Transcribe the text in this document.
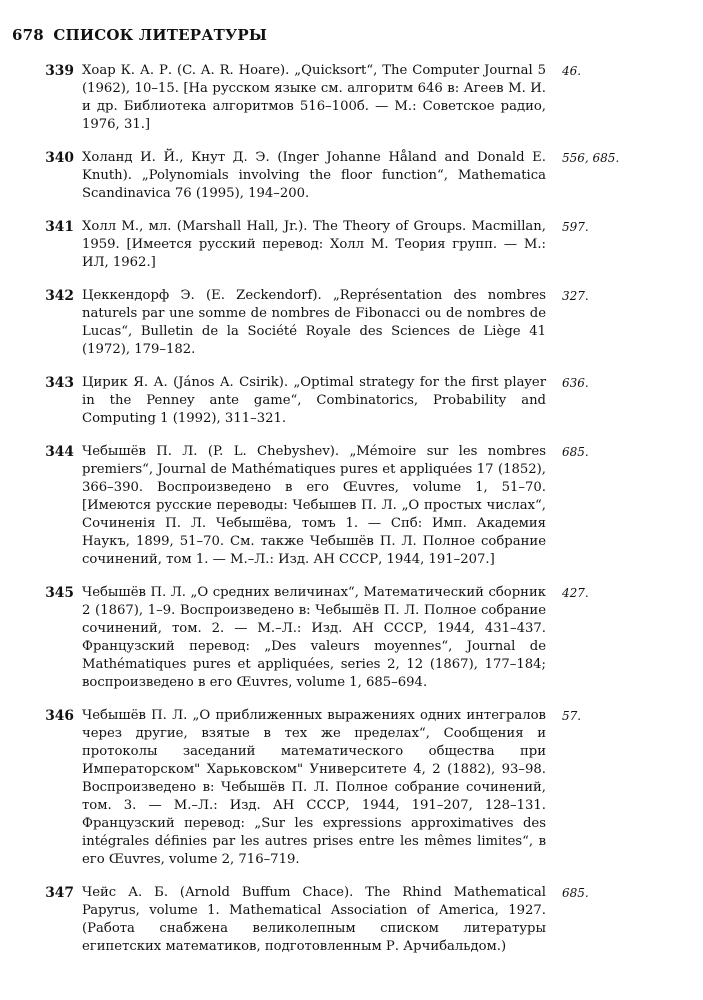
678 СПИСОК ЛИТЕРАТУРЫ
339 Хоар К. А. Р. (C. A. R. Hoare). „Quicksort“, The Computer Journal 5 (1962), 10–15. [На русском языке см. алгоритм 646 в: Агеев М. И. и др. Библиотека алгоритмов 516–100б. — М.: Советское радио, 1976, 31.]
46.
340 Холанд И. Й., Кнут Д. Э. (Inger Johanne Håland and Donald E. Knuth). „Polynomials involving the floor function“, Mathematica Scandinavica 76 (1995), 194–200.
556, 685.
341 Холл М., мл. (Marshall Hall, Jr.). The Theory of Groups. Macmillan, 1959. [Имеется русский перевод: Холл М. Теория групп. — М.: ИЛ, 1962.]
597.
342 Цеккендорф Э. (E. Zeckendorf). „Représentation des nombres naturels par une somme de nombres de Fibonacci ou de nombres de Lucas“, Bulletin de la Société Royale des Sciences de Liège 41 (1972), 179–182.
327.
343 Цирик Я. А. (János A. Csirik). „Optimal strategy for the first player in the Penney ante game“, Combinatorics, Probability and Computing 1 (1992), 311–321.
636.
344 Чебышёв П. Л. (P. L. Chebyshev). „Mémoire sur les nombres premiers“, Journal de Mathématiques pures et appliquées 17 (1852), 366–390. Воспроизведено в его Œuvres, volume 1, 51–70. [Имеются русские переводы: Чебышев П. Л. „О простых числах“, Сочиненія П. Л. Чебышёва, томъ 1. — Спб: Имп. Академия Наукъ, 1899, 51–70. См. также Чебышёв П. Л. Полное собрание сочинений, том 1. — М.–Л.: Изд. АН СССР, 1944, 191–207.]
685.
345 Чебышёв П. Л. „О средних величинах“, Математический сборник 2 (1867), 1–9. Воспроизведено в: Чебышёв П. Л. Полное собрание сочинений, том. 2. — М.–Л.: Изд. АН СССР, 1944, 431–437. Французский перевод: „Des valeurs moyennes“, Journal de Mathématiques pures et appliquées, series 2, 12 (1867), 177–184; воспроизведено в его Œuvres, volume 1, 685–694.
427.
346 Чебышёв П. Л. „О приближенных выражениях одних интегралов через другие, взятые в тех же пределах“, Сообщения и протоколы заседаний математического общества при Императорском" Харьковском" Университете 4, 2 (1882), 93–98. Воспроизведено в: Чебышёв П. Л. Полное собрание сочинений, том. 3. — М.–Л.: Изд. АН СССР, 1944, 191–207, 128–131. Французский перевод: „Sur les expressions approximatives des intégrales définies par les autres prises entre les mêmes limites“, в его Œuvres, volume 2, 716–719.
57.
347 Чейс А. Б. (Arnold Buffum Chace). The Rhind Mathematical Papyrus, volume 1. Mathematical Association of America, 1927. (Работа снабжена великолепным списком литературы египетских математиков, подготовленным Р. Арчибальдом.)
685.
